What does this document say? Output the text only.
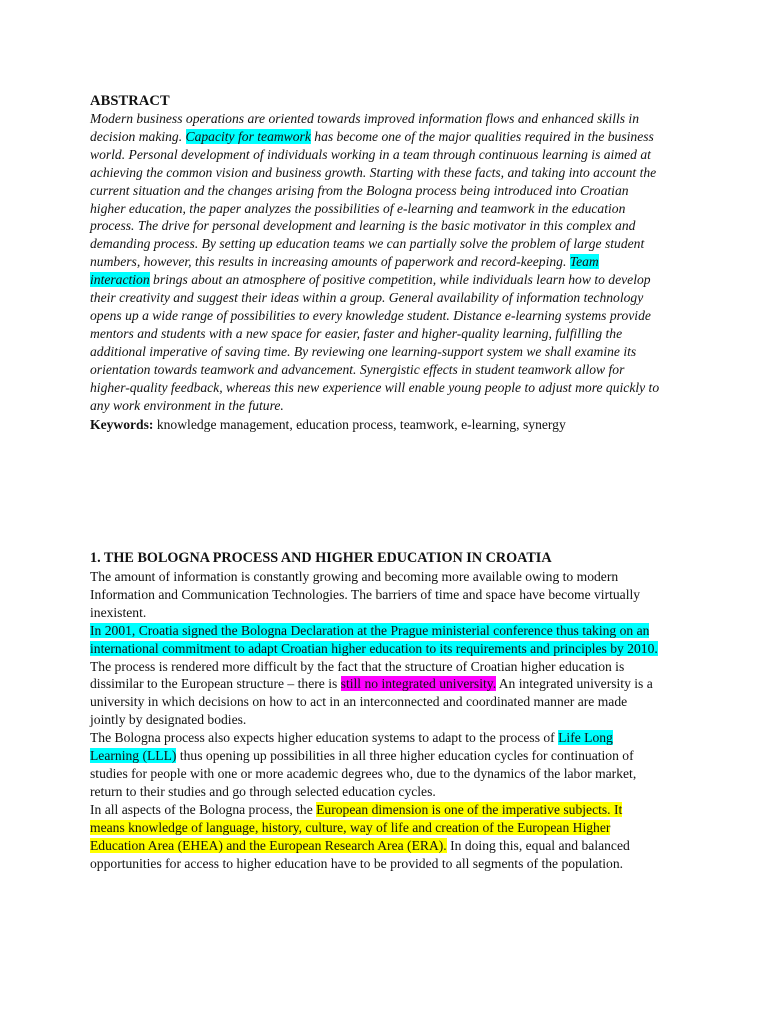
ABSTRACT

Modern business operations are oriented towards improved information flows and enhanced skills in decision making. Capacity for teamwork has become one of the major qualities required in the business world. Personal development of individuals working in a team through continuous learning is aimed at achieving the common vision and business growth. Starting with these facts, and taking into account the current situation and the changes arising from the Bologna process being introduced into Croatian higher education, the paper analyzes the possibilities of e-learning and teamwork in the education process. The drive for personal development and learning is the basic motivator in this complex and demanding process. By setting up education teams we can partially solve the problem of large student numbers, however, this results in increasing amounts of paperwork and record-keeping. Team interaction brings about an atmosphere of positive competition, while individuals learn how to develop their creativity and suggest their ideas within a group. General availability of information technology opens up a wide range of possibilities to every knowledge student. Distance e-learning systems provide mentors and students with a new space for easier, faster and higher-quality learning, fulfilling the additional imperative of saving time. By reviewing one learning-support system we shall examine its orientation towards teamwork and advancement. Synergistic effects in student teamwork allow for higher-quality feedback, whereas this new experience will enable young people to adjust more quickly to any work environment in the future.

Keywords: knowledge management, education process, teamwork, e-learning, synergy

1. THE BOLOGNA PROCESS AND HIGHER EDUCATION IN CROATIA

The amount of information is constantly growing and becoming more available owing to modern Information and Communication Technologies. The barriers of time and space have become virtually inexistent.

In 2001, Croatia signed the Bologna Declaration at the Prague ministerial conference thus taking on an international commitment to adapt Croatian higher education to its requirements and principles by 2010.

The process is rendered more difficult by the fact that the structure of Croatian higher education is dissimilar to the European structure – there is still no integrated university. An integrated university is a university in which decisions on how to act in an interconnected and coordinated manner are made jointly by designated bodies.

The Bologna process also expects higher education systems to adapt to the process of Life Long Learning (LLL) thus opening up possibilities in all three higher education cycles for continuation of studies for people with one or more academic degrees who, due to the dynamics of the labor market, return to their studies and go through selected education cycles.

In all aspects of the Bologna process, the European dimension is one of the imperative subjects. It means knowledge of language, history, culture, way of life and creation of the European Higher Education Area (EHEA) and the European Research Area (ERA). In doing this, equal and balanced opportunities for access to higher education have to be provided to all segments of the population.
